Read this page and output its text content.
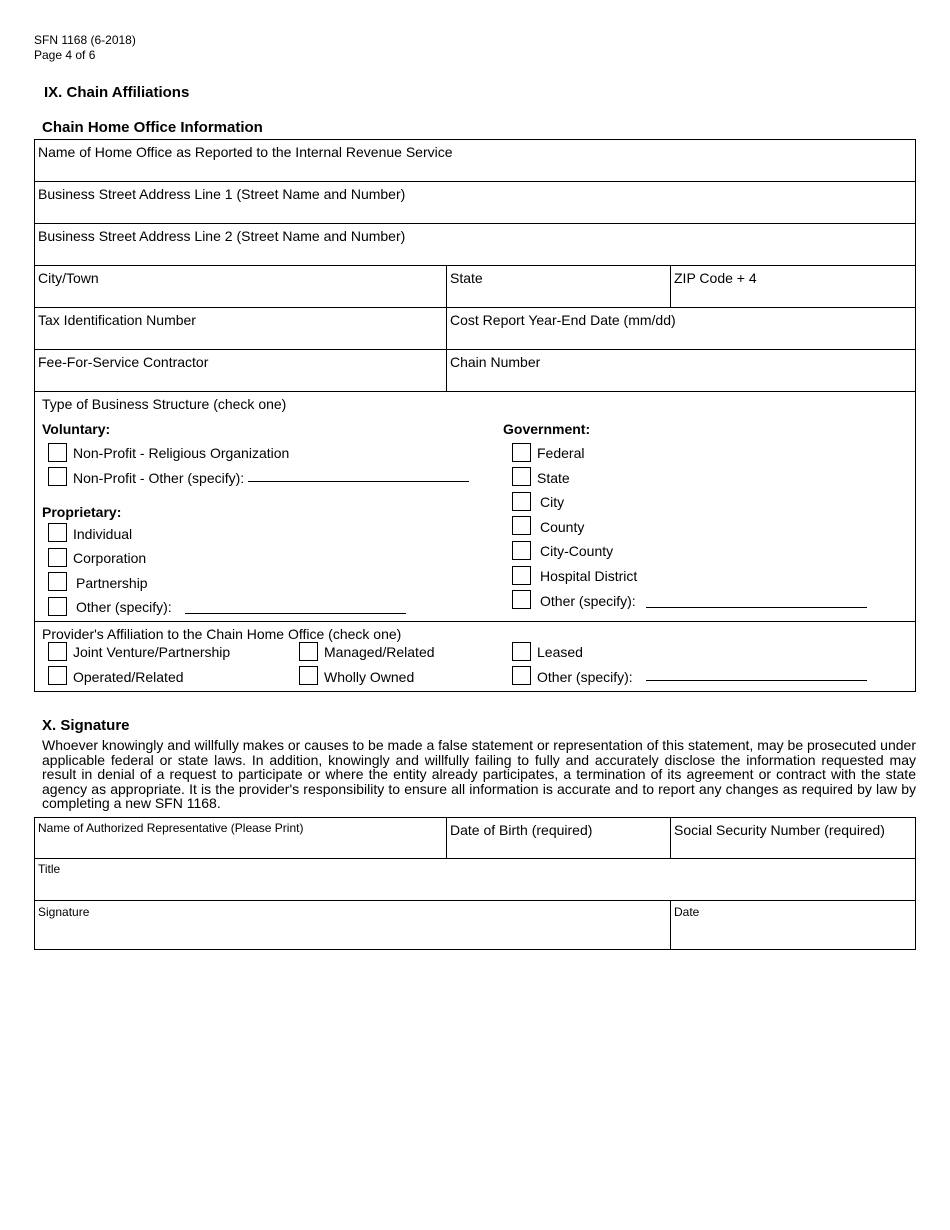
SFN 1168 (6-2018)
Page 4 of 6
IX. Chain Affiliations
Chain Home Office Information
Name of Home Office as Reported to the Internal Revenue Service
Business Street Address Line 1 (Street Name and Number)
Business Street Address Line 2 (Street Name and Number)
City/Town	State	ZIP Code + 4
Tax Identification Number	Cost Report Year-End Date (mm/dd)
Fee-For-Service Contractor	Chain Number
Type of Business Structure (check one)
Voluntary:
Non-Profit - Religious Organization
Non-Profit - Other (specify):
Proprietary:
Individual
Corporation
Partnership
Other (specify):
Government:
Federal
State
City
County
City-County
Hospital District
Other (specify):
Provider's Affiliation to the Chain Home Office (check one)
Joint Venture/Partnership	Managed/Related	Leased
Operated/Related	Wholly Owned	Other (specify):
X. Signature
Whoever knowingly and willfully makes or causes to be made a false statement or representation of this statement, may be prosecuted under applicable federal or state laws. In addition, knowingly and willfully failing to fully and accurately disclose the information requested may result in denial of a request to participate or where the entity already participates, a termination of its agreement or contract with the state agency as appropriate. It is the provider's responsibility to ensure all information is accurate and to report any changes as required by law by completing a new SFN 1168.
Name of Authorized Representative (Please Print)	Date of Birth (required)	Social Security Number (required)
Title
Signature	Date
